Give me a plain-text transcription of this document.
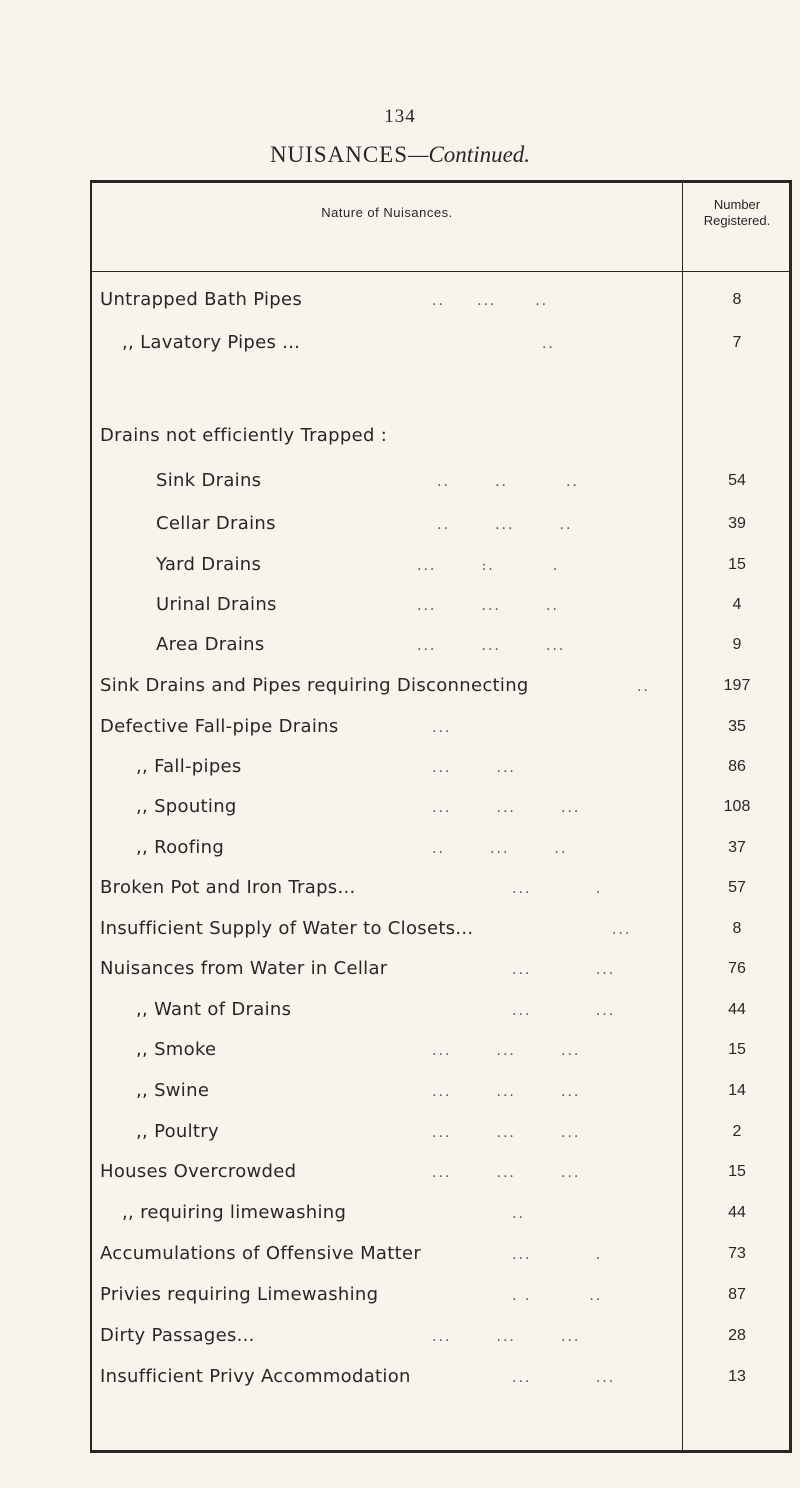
134
NUISANCES—Continued.
Nature of Nuisances.
Number
Registered.
Untrapped Bath Pipes	..     ...      ..	8
,, Lavatory Pipes ...	..	7
Drains not efficiently Trapped :
Sink Drains	..       ..         ..	54
Cellar Drains	..       ...       ..	39
Yard Drains	...       :.         .	15
Urinal Drains	...       ...       ..	4
Area Drains	...       ...       ...	9
Sink Drains and Pipes requiring Disconnecting	..	197
Defective Fall-pipe Drains	...	35
,, Fall-pipes	...       ...	86
,, Spouting	...       ...       ...	108
,, Roofing	..       ...       ..	37
Broken Pot and Iron Traps...	...          .	57
Insufficient Supply of Water to Closets...	...	8
Nuisances from Water in Cellar	...          ...	76
,, Want of Drains	...          ...	44
,, Smoke	...       ...       ...	15
,, Swine	...       ...       ...	14
,, Poultry	...       ...       ...	2
Houses Overcrowded	...       ...       ...	15
,, requiring limewashing	..	44
Accumulations of Offensive Matter	...          .	73
Privies requiring Limewashing	. .         ..	87
Dirty Passages...	...       ...       ...	28
Insufficient Privy Accommodation	...          ...	13
